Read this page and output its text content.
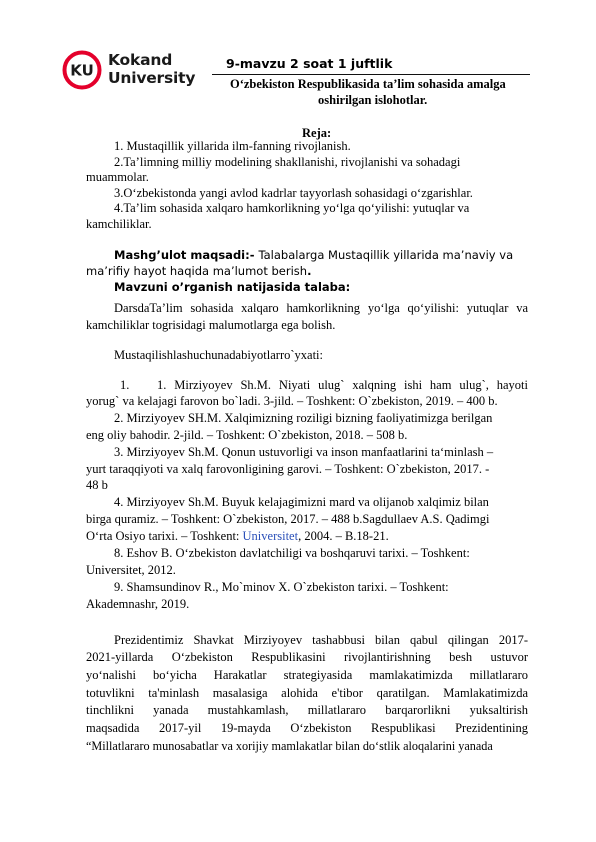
KU
Kokand
University
9-mavzu 2 soat 1 juftlik
O‘zbekiston Respublikasida ta’lim sohasida amalga
oshirilgan islohotlar.
Reja:
1. Mustaqillik yillarida ilm-fanning rivojlanish.
2.Ta’limning milliy modelining shakllanishi, rivojlanishi va sohadagi
muammolar.
3.O‘zbekistonda yangi avlod kadrlar tayyorlash sohasidagi o‘zgarishlar.
4.Ta’lim sohasida xalqaro hamkorlikning yo‘lga qo‘yilishi: yutuqlar va
kamchiliklar.
Mashg’ulot maqsadi:- Talabalarga Mustaqillik yillarida ma’naviy va
ma’rifiy hayot haqida ma’lumot berish.
Mavzuni o’rganish natijasida talaba:
DarsdaTa’lim sohasida xalqaro hamkorlikning yo‘lga qo‘yilishi: yutuqlar va
kamchiliklar togrisidagi malumotlarga ega bolish.
Mustaqilishlashuchunadabiyotlarro`yxati:
1. 1. Mirziyoyev Sh.M. Niyati ulug` xalqning ishi ham ulug`, hayoti
yorug` va kelajagi farovon bo`ladi. 3-jild. – Toshkent: O`zbekiston, 2019. – 400 b.
2. Mirziyoyev SH.M. Xalqimizning roziligi bizning faoliyatimizga berilgan
eng oliy bahodir. 2-jild. – Toshkent: O`zbekiston, 2018. – 508 b.
3. Mirziyoyev Sh.M. Qonun ustuvorligi va inson manfaatlarini ta‘minlash –
yurt taraqqiyoti va xalq farovonligining garovi. – Toshkent: O`zbekiston, 2017. -
48 b
4. Mirziyoyev Sh.M. Buyuk kelajagimizni mard va olijanob xalqimiz bilan
birga quramiz. – Toshkent: O`zbekiston, 2017. – 488 b.Sagdullaev A.S. Qadimgi
O‘rta Osiyo tarixi. – Toshkent: Universitet, 2004. – B.18-21.
8. Eshov B. O‘zbekiston davlatchiligi va boshqaruvi tarixi. – Toshkent:
Universitet, 2012.
9. Shamsundinov R., Mo`minov X. O`zbekiston tarixi. – Toshkent:
Akademnashr, 2019.
Prezidentimiz Shavkat Mirziyoyev tashabbusi bilan qabul qilingan 2017-
2021-yillarda O‘zbekiston Respublikasini rivojlantirishning besh ustuvor
yo‘nalishi bo‘yicha Harakatlar strategiyasida mamlakatimizda millatlararo
totuvlikni ta'minlash masalasiga alohida e'tibor qaratilgan. Mamlakatimizda
tinchlikni yanada mustahkamlash, millatlararo barqarorlikni yuksaltirish
maqsadida 2017-yil 19-mayda O‘zbekiston Respublikasi Prezidentining
“Millatlararo munosabatlar va xorijiy mamlakatlar bilan do‘stlik aloqalarini yanada
